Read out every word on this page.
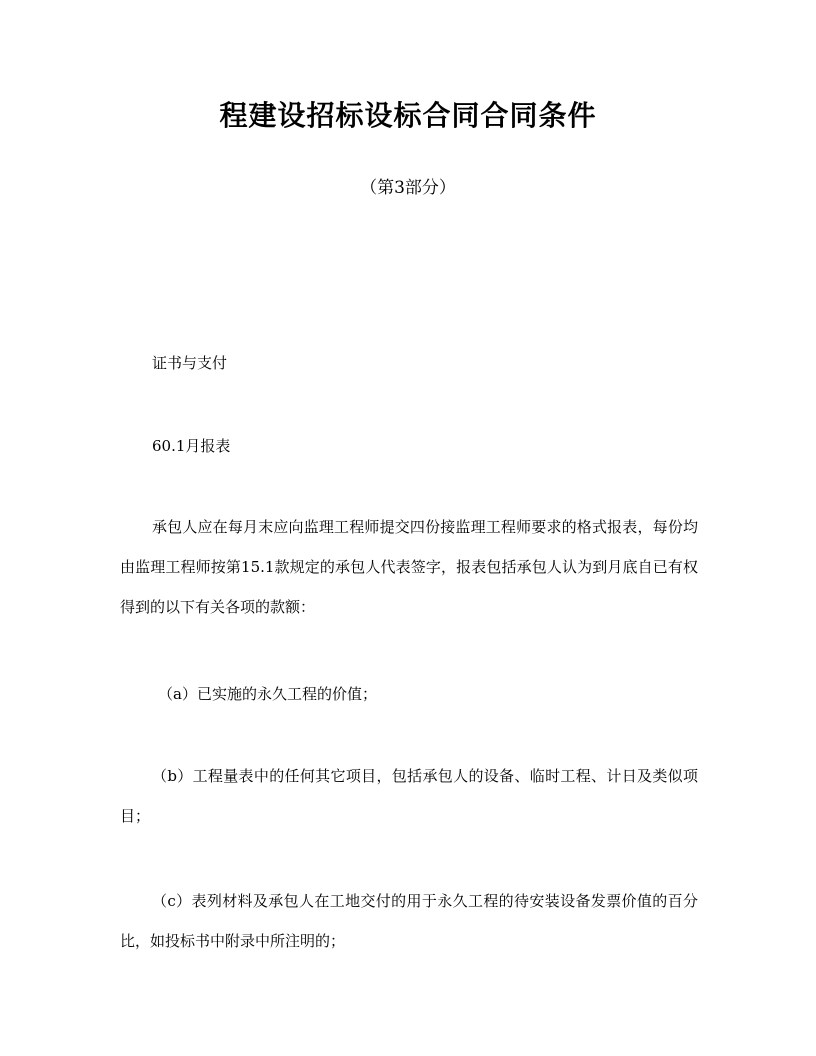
程建设招标设标合同合同条件

（第3部分）

证书与支付

60.1月报表

承包人应在每月末应向监理工程师提交四份接监理工程师要求的格式报表，每份均由监理工程师按第15.1款规定的承包人代表签字，报表包括承包人认为到月底自已有权得到的以下有关各项的款额：

（a）已实施的永久工程的价值；

（b）工程量表中的任何其它项目，包括承包人的设备、临时工程、计日及类似项目；

（c）表列材料及承包人在工地交付的用于永久工程的待安装设备发票价值的百分比，如投标书中附录中所注明的；
